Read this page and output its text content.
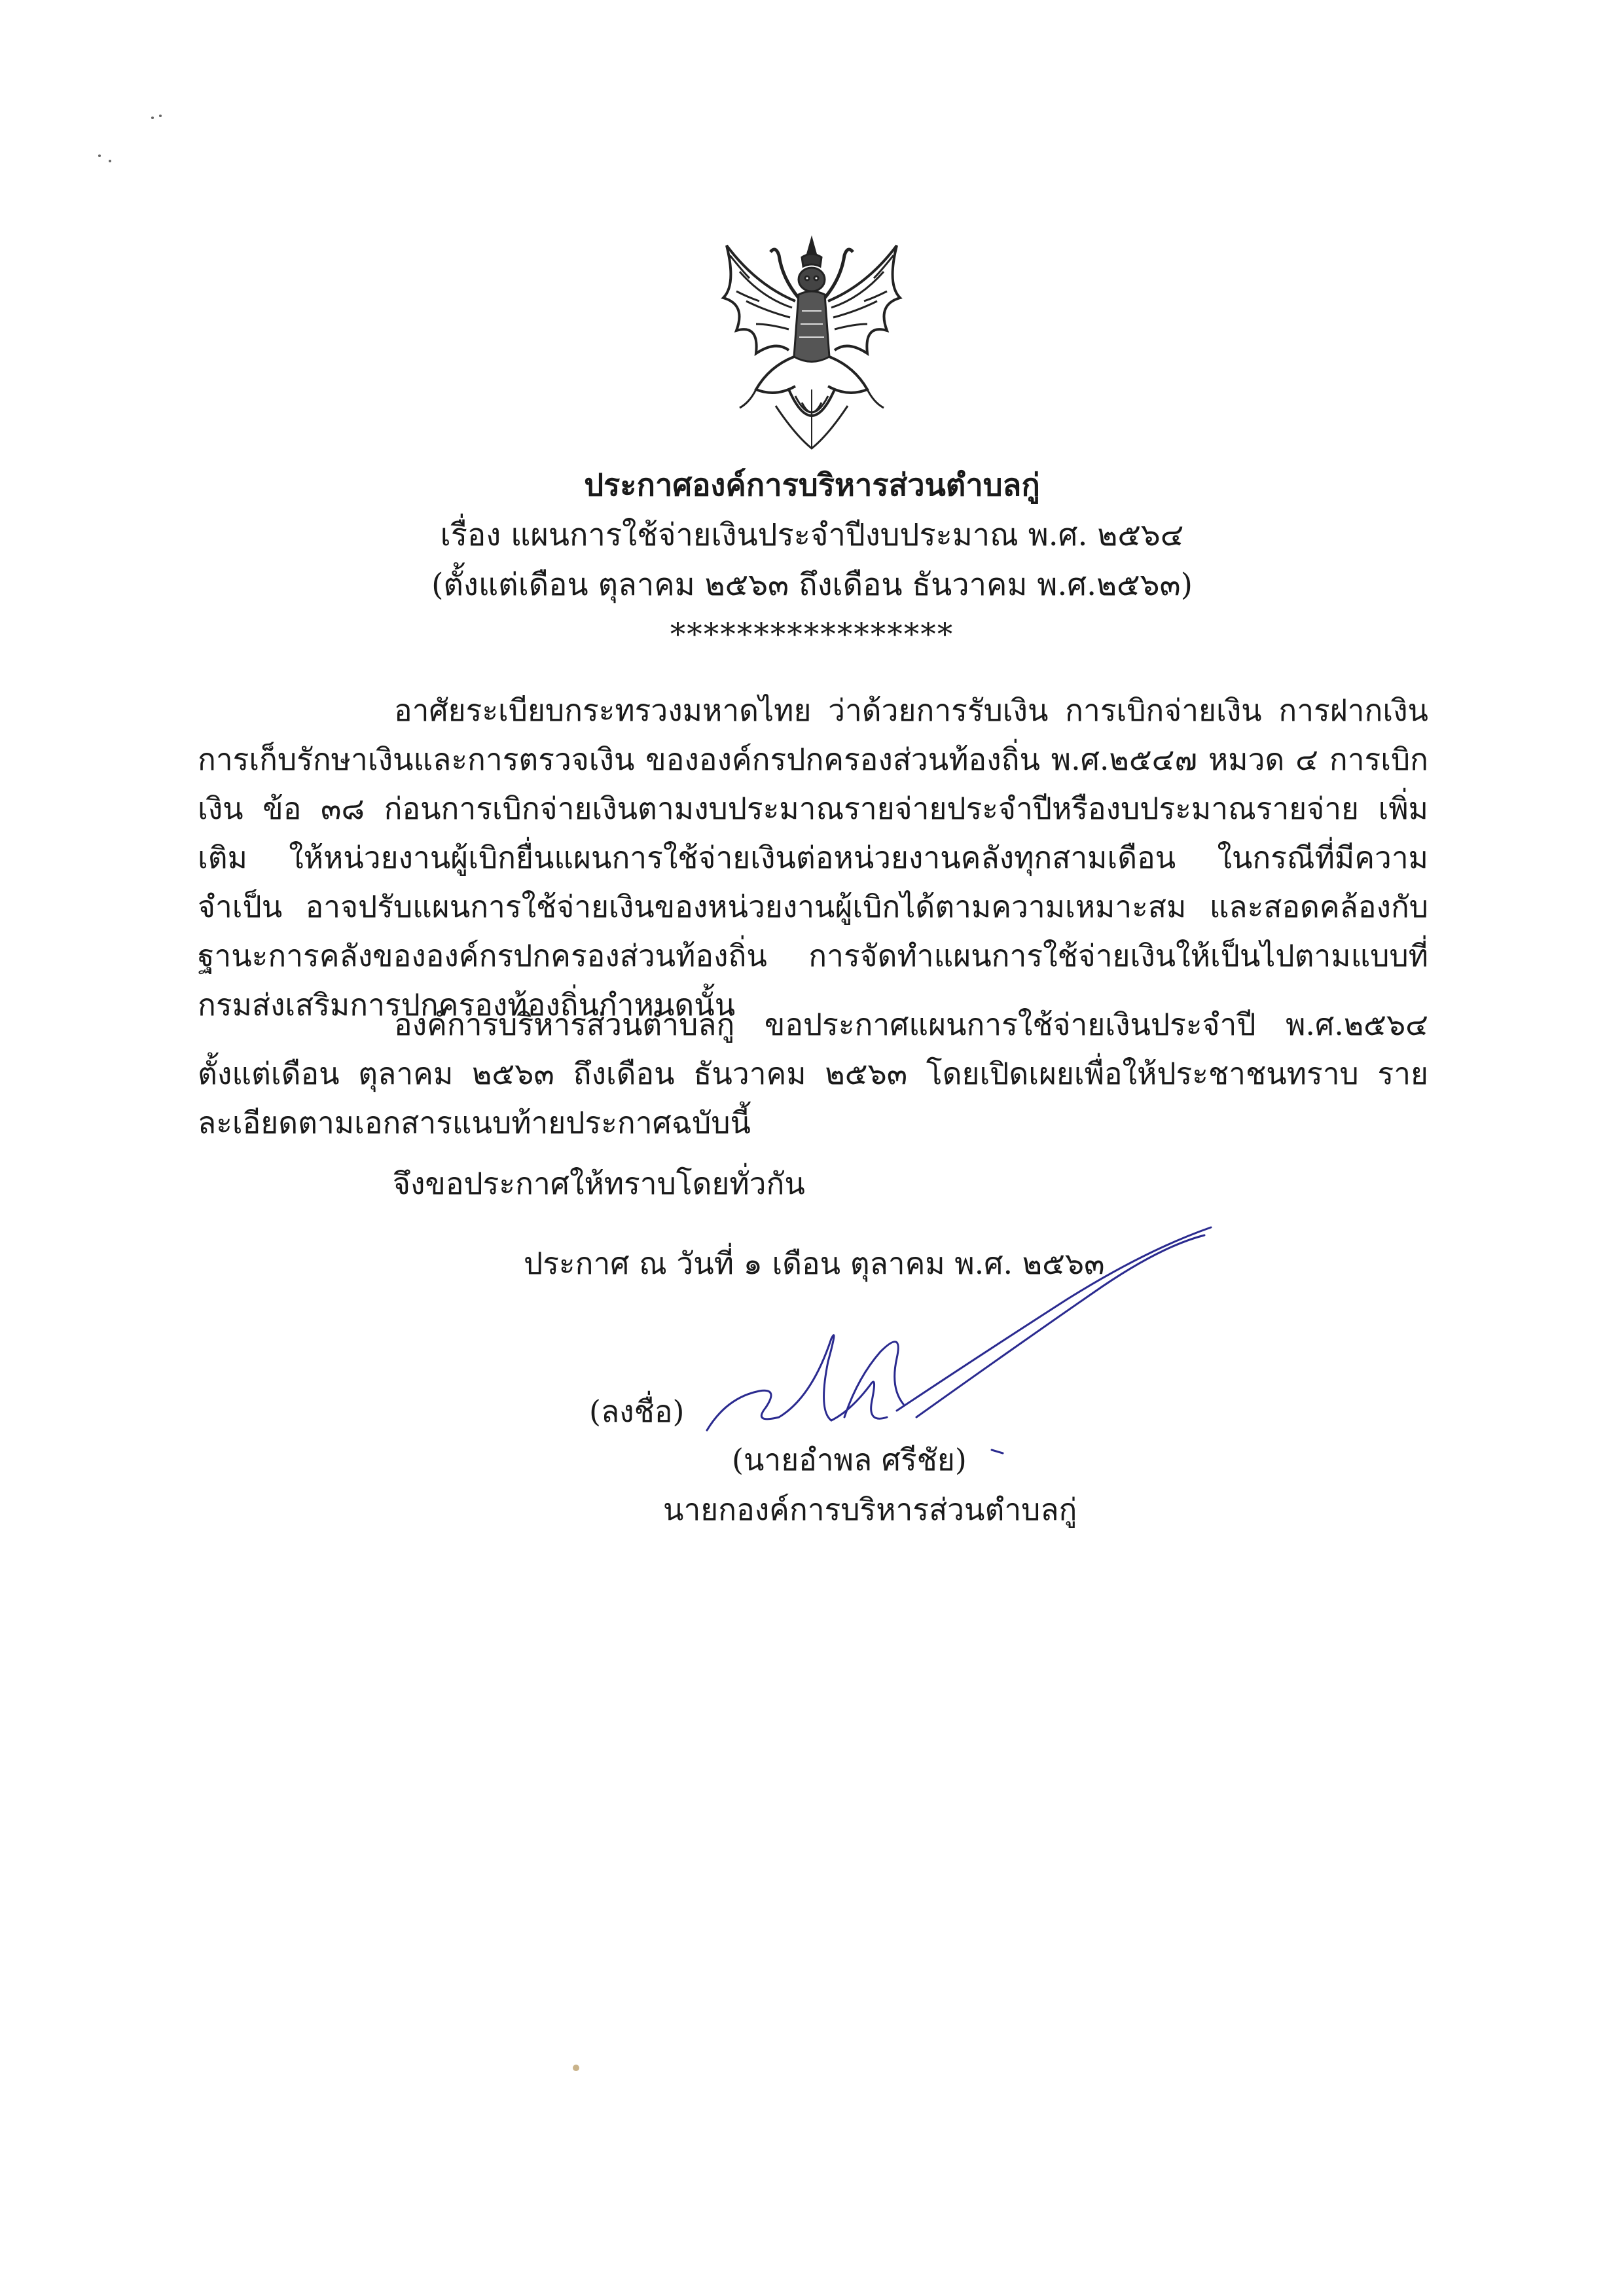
ประกาศองค์การบริหารส่วนตำบลกู่
เรื่อง แผนการใช้จ่ายเงินประจำปีงบประมาณ พ.ศ. ๒๕๖๔
(ตั้งแต่เดือน ตุลาคม ๒๕๖๓ ถึงเดือน ธันวาคม พ.ศ.๒๕๖๓)
*****************
อาศัยระเบียบกระทรวงมหาดไทย ว่าด้วยการรับเงิน การเบิกจ่ายเงิน การฝากเงิน การเก็บรักษาเงินและการตรวจเงิน ขององค์กรปกครองส่วนท้องถิ่น พ.ศ.๒๕๔๗ หมวด ๔ การเบิกเงิน ข้อ ๓๘ ก่อนการเบิกจ่ายเงินตามงบประมาณรายจ่ายประจำปีหรืองบประมาณรายจ่าย เพิ่มเติม ให้หน่วยงานผู้เบิกยื่นแผนการใช้จ่ายเงินต่อหน่วยงานคลังทุกสามเดือน ในกรณีที่มีความจำเป็น อาจปรับแผนการใช้จ่ายเงินของหน่วยงานผู้เบิกได้ตามความเหมาะสม และสอดคล้องกับฐานะการคลังขององค์กรปกครองส่วนท้องถิ่น การจัดทำแผนการใช้จ่ายเงินให้เป็นไปตามแบบที่กรมส่งเสริมการปกครองท้องถิ่นกำหนดนั้น
องค์การบริหารส่วนตำบลกู่ ขอประกาศแผนการใช้จ่ายเงินประจำปี พ.ศ.๒๕๖๔ ตั้งแต่เดือน ตุลาคม ๒๕๖๓ ถึงเดือน ธันวาคม ๒๕๖๓ โดยเปิดเผยเพื่อให้ประชาชนทราบ รายละเอียดตามเอกสารแนบท้ายประกาศฉบับนี้
จึงขอประกาศให้ทราบโดยทั่วกัน
ประกาศ ณ วันที่ ๑ เดือน ตุลาคม พ.ศ. ๒๕๖๓
(ลงชื่อ)
(นายอำพล ศรีชัย)
นายกองค์การบริหารส่วนตำบลกู่
